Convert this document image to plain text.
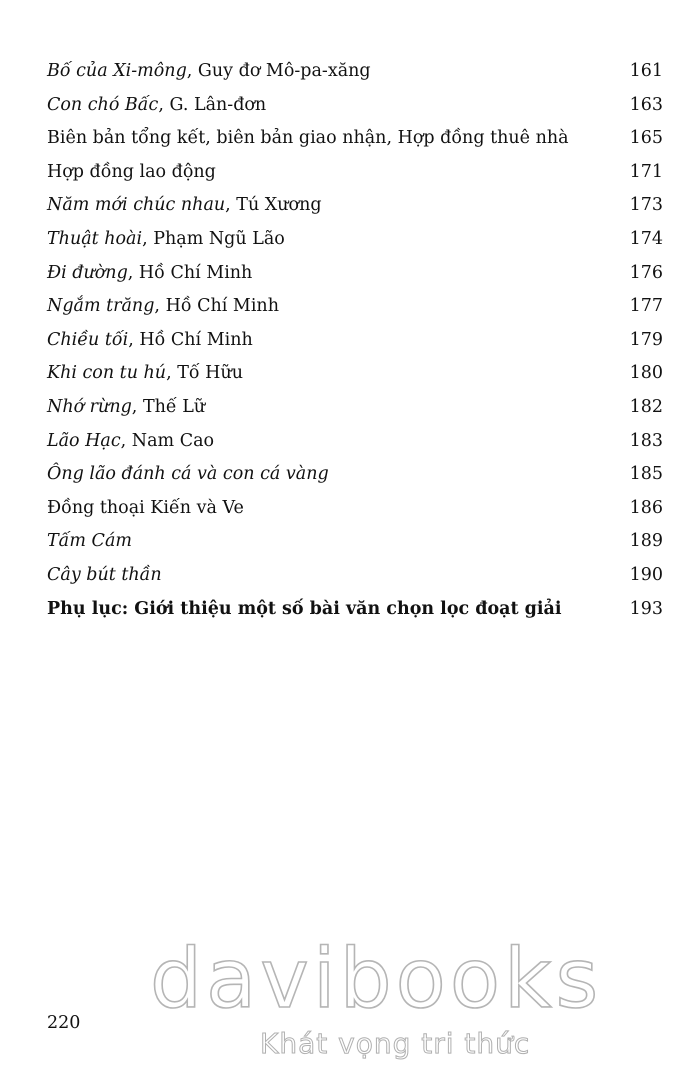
Bố của Xi-mông, Guy đơ Mô-pa-xăng	161
Con chó Bấc, G. Lân-đơn	163
Biên bản tổng kết, biên bản giao nhận, Hợp đồng thuê nhà	165
Hợp đồng lao động	171
Năm mới chúc nhau, Tú Xương	173
Thuật hoài, Phạm Ngũ Lão	174
Đi đường, Hồ Chí Minh	176
Ngắm trăng, Hồ Chí Minh	177
Chiều tối, Hồ Chí Minh	179
Khi con tu hú, Tố Hữu	180
Nhớ rừng, Thế Lữ	182
Lão Hạc, Nam Cao	183
Ông lão đánh cá và con cá vàng	185
Đồng thoại Kiến và Ve	186
Tấm Cám	189
Cây bút thần	190
Phụ lục: Giới thiệu một số bài văn chọn lọc đoạt giải	193
220 davibooks
Khát vọng tri thức
